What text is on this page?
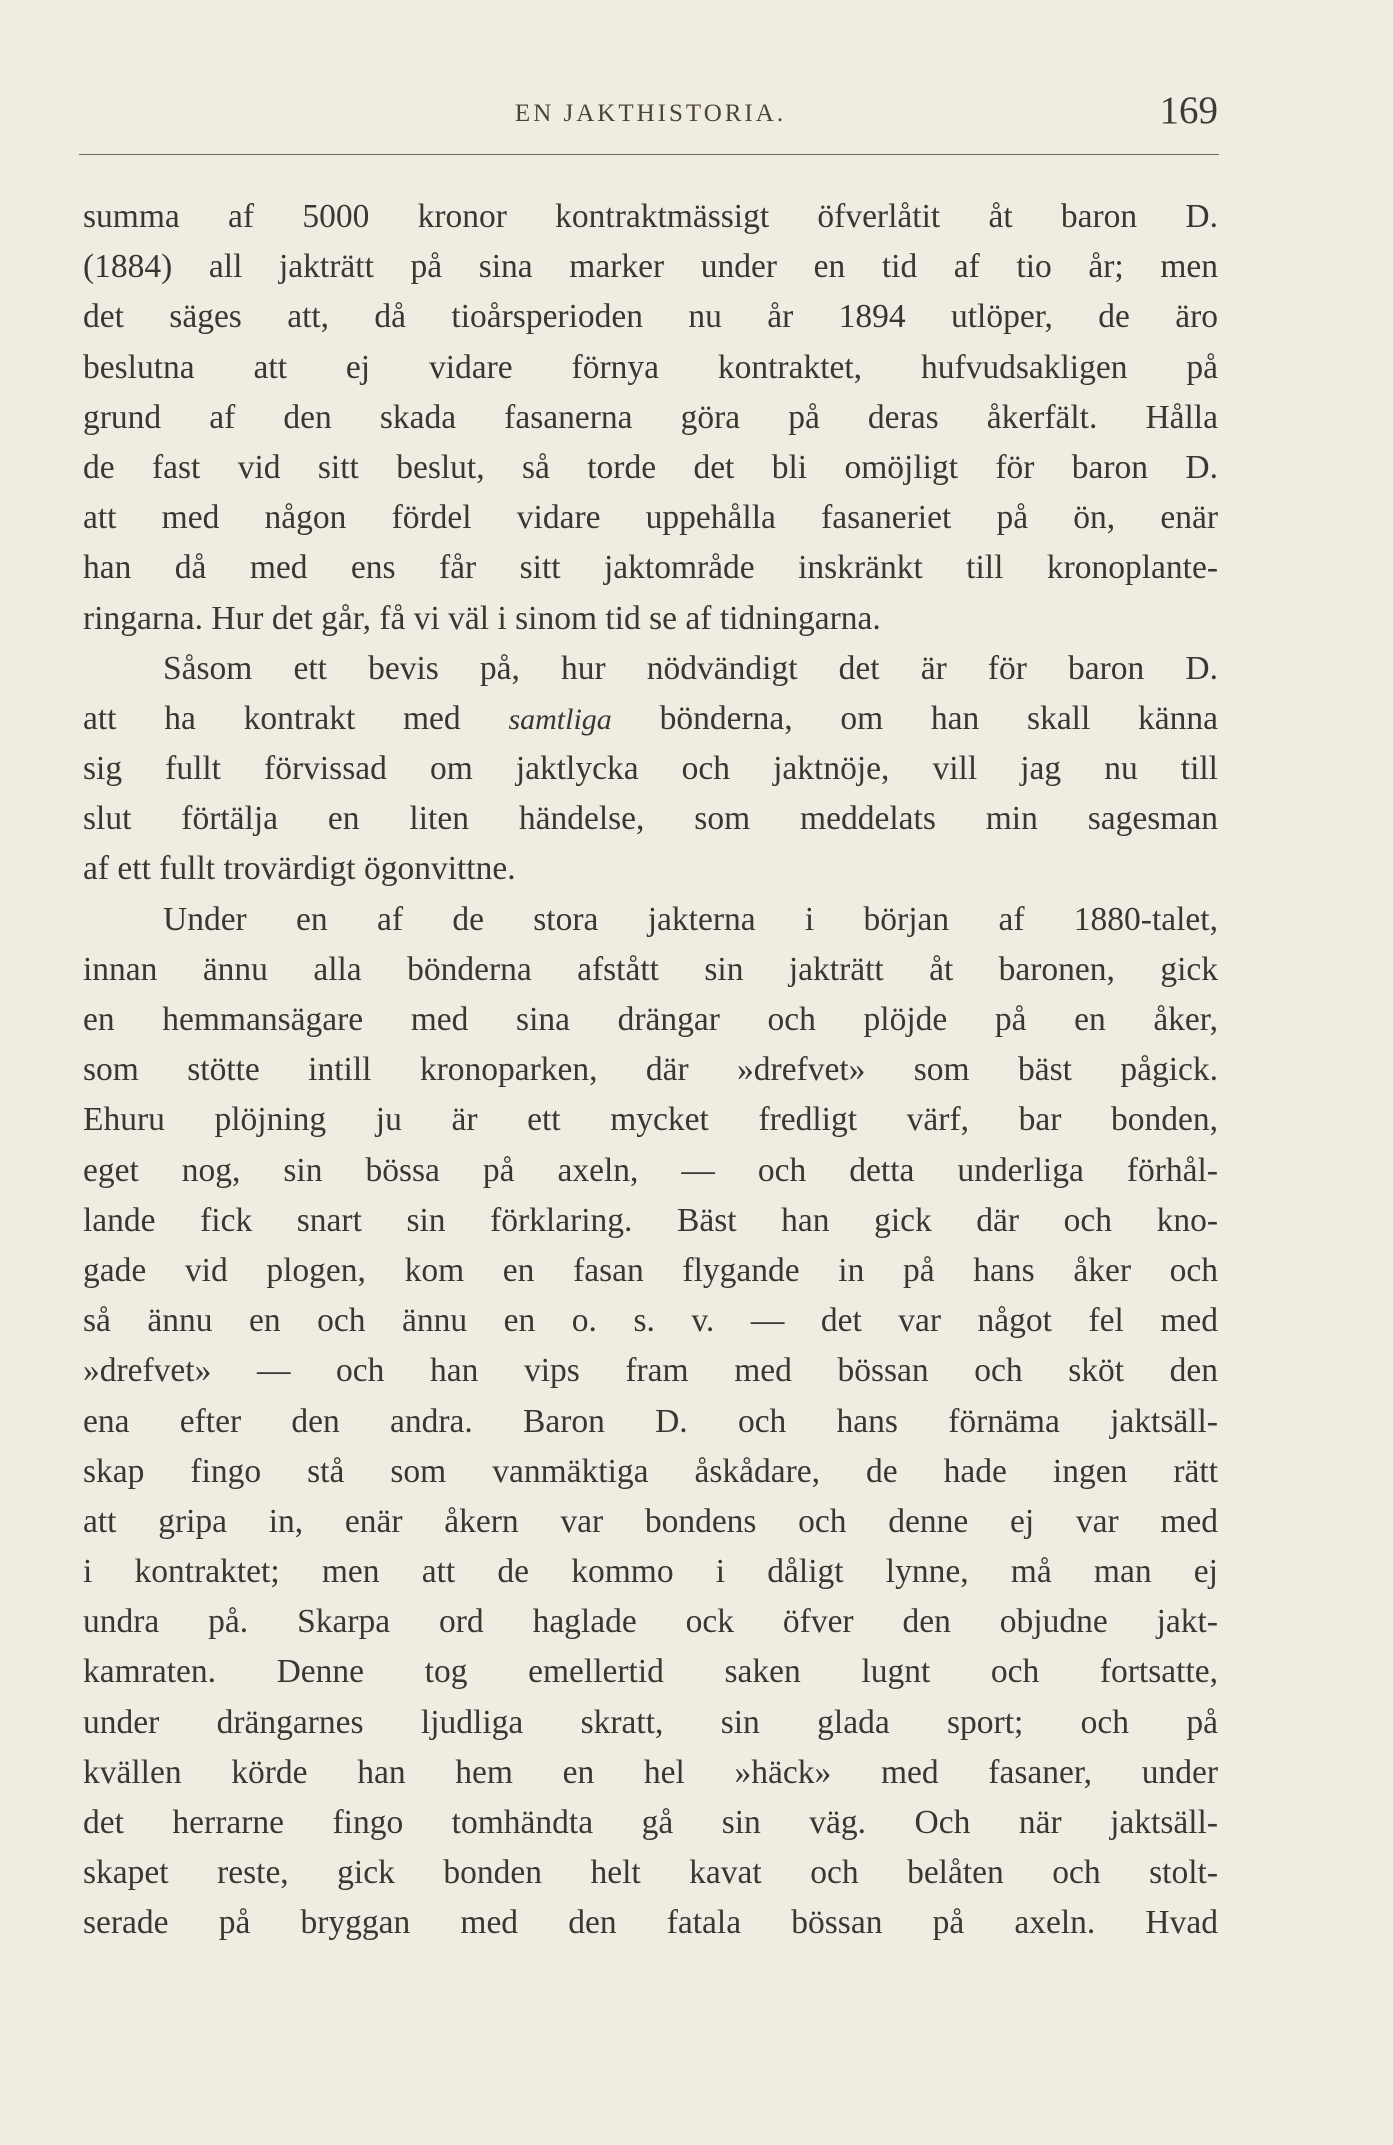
EN JAKTHISTORIA.	169
summa af 5000 kronor kontraktmässigt öfverlåtit åt baron D.
(1884) all jakträtt på sina marker under en tid af tio år; men
det säges att, då tioårsperioden nu år 1894 utlöper, de äro
beslutna att ej vidare förnya kontraktet, hufvudsakligen på
grund af den skada fasanerna göra på deras åkerfält. Hålla
de fast vid sitt beslut, så torde det bli omöjligt för baron D.
att med någon fördel vidare uppehålla fasaneriet på ön, enär
han då med ens får sitt jaktområde inskränkt till kronoplante-
ringarna. Hur det går, få vi väl i sinom tid se af tidningarna.
Såsom ett bevis på, hur nödvändigt det är för baron D.
att ha kontrakt med samtliga bönderna, om han skall känna
sig fullt förvissad om jaktlycka och jaktnöje, vill jag nu till
slut förtälja en liten händelse, som meddelats min sagesman
af ett fullt trovärdigt ögonvittne.
Under en af de stora jakterna i början af 1880-talet,
innan ännu alla bönderna afstått sin jakträtt åt baronen, gick
en hemmansägare med sina drängar och plöjde på en åker,
som stötte intill kronoparken, där »drefvet» som bäst pågick.
Ehuru plöjning ju är ett mycket fredligt värf, bar bonden,
eget nog, sin bössa på axeln, — och detta underliga förhål-
lande fick snart sin förklaring. Bäst han gick där och kno-
gade vid plogen, kom en fasan flygande in på hans åker och
så ännu en och ännu en o. s. v. — det var något fel med
»drefvet» — och han vips fram med bössan och sköt den
ena efter den andra. Baron D. och hans förnäma jaktsäll-
skap fingo stå som vanmäktiga åskådare, de hade ingen rätt
att gripa in, enär åkern var bondens och denne ej var med
i kontraktet; men att de kommo i dåligt lynne, må man ej
undra på. Skarpa ord haglade ock öfver den objudne jakt-
kamraten. Denne tog emellertid saken lugnt och fortsatte,
under drängarnes ljudliga skratt, sin glada sport; och på
kvällen körde han hem en hel »häck» med fasaner, under
det herrarne fingo tomhändta gå sin väg. Och när jaktsäll-
skapet reste, gick bonden helt kavat och belåten och stolt-
serade på bryggan med den fatala bössan på axeln. Hvad
